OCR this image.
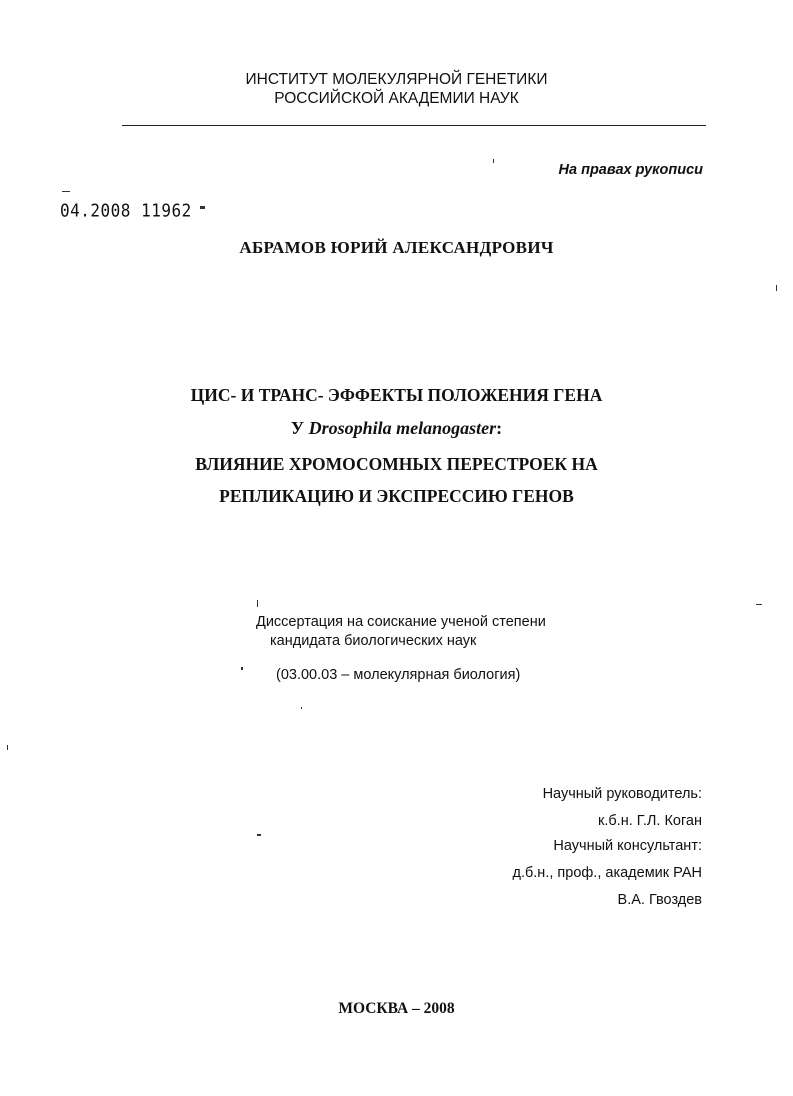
ИНСТИТУТ МОЛЕКУЛЯРНОЙ ГЕНЕТИКИ
РОССИЙСКОЙ АКАДЕМИИ НАУК
На правах рукописи
04.2008 11962
АБРАМОВ ЮРИЙ АЛЕКСАНДРОВИЧ
ЦИС- И ТРАНС- ЭФФЕКТЫ ПОЛОЖЕНИЯ ГЕНА
У Drosophila melanogaster:
ВЛИЯНИЕ ХРОМОСОМНЫХ ПЕРЕСТРОЕК НА
РЕПЛИКАЦИЮ И ЭКСПРЕССИЮ ГЕНОВ
Диссертация на соискание ученой степени
кандидата биологических наук
(03.00.03 – молекулярная биология)
Научный руководитель:
к.б.н. Г.Л. Коган
Научный консультант:
д.б.н., проф., академик РАН
В.А. Гвоздев
МОСКВА – 2008
